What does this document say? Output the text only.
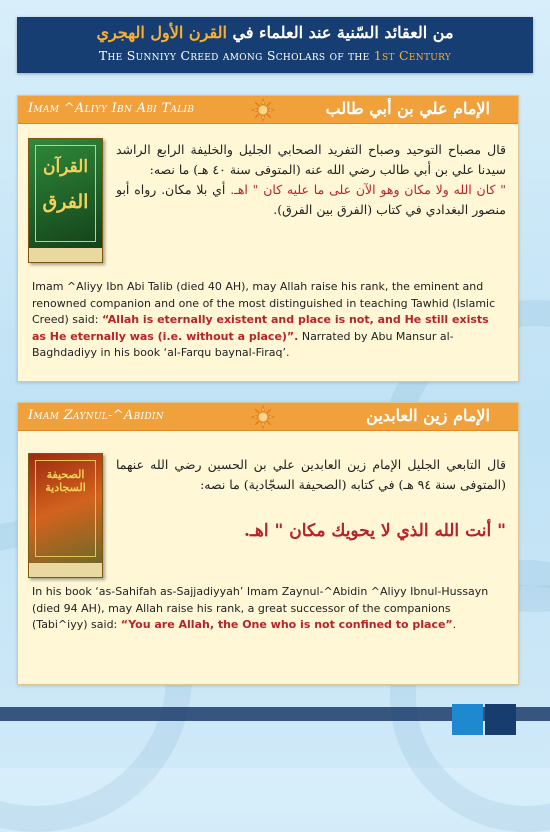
من العقائد السّنية عند العلماء في القرن الأول الهجري
The Sunniyy Creed among Scholars of the 1st Century
Imam ^Aliyy Ibn Abi Talib	الإمام علي بن أبي طالب
القرآن
الفرق
قال مصباح التوحيد وصباح التفريد الصحابي الجليل والخليفة الرابع الراشد سيدنا علي بن أبي طالب رضي الله عنه (المتوفى سنة ٤٠ هـ) ما نصه:
" كان الله ولا مكان وهو الآن على ما عليه كان " اهـ. أي بلا مكان. رواه أبو منصور البغدادي في كتاب (الفرق بين الفرق).
Imam ^Aliyy Ibn Abi Talib (died 40 AH), may Allah raise his rank, the eminent and renowned companion and one of the most distinguished in teaching Tawhid (Islamic Creed) said: “Allah is eternally existent and place is not, and He still exists as He eternally was (i.e. without a place)”. Narrated by Abu Mansur al-Baghdadiyy in his book ‘al-Farqu baynal-Firaq’.
Imam Zaynul-^Abidin	الإمام زين العابدين
الصحيفة السجادية
قال التابعي الجليل الإمام زين العابدين علي بن الحسين رضي الله عنهما (المتوفى سنة ٩٤ هـ) في كتابه (الصحيفة السجّادية) ما نصه:
" أنت الله الذي لا يحويك مكان " اهـ.
In his book ‘as-Sahifah as-Sajjadiyyah’ Imam Zaynul-^Abidin ^Aliyy Ibnul-Hussayn (died 94 AH), may Allah raise his rank, a great successor of the companions (Tabi^iyy) said: “You are Allah, the One who is not confined to place”.
